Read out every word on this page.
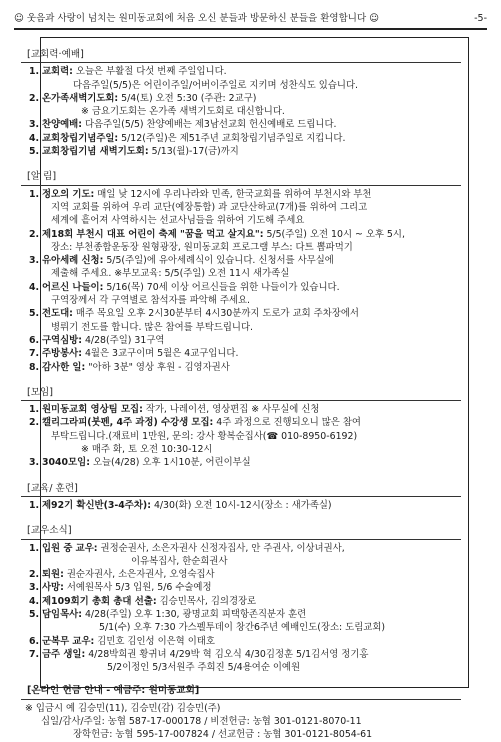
☺ 웃음과 사랑이 넘치는 원미동교회에 처음 오신 분들과 방문하신 분들을 환영합니다 ☺	-5-
[교회력·예배]
1. 교회력: 오늘은 부활절 다섯 번째 주일입니다.
다음주일(5/5)은 어린이주일/어버이주일로 지키며 성찬식도 있습니다.
2. 온가족새벽기도회: 5/4(토) 오전 5:30 (주관: 2교구)
※ 금요기도회는 온가족 새벽기도회로 대신합니다.
3. 찬양예배: 다음주일(5/5) 찬양예배는 제3남선교회 헌신예배로 드립니다.
4. 교회창립기념주일: 5/12(주일)은 제51주년 교회창립기념주일로 지킵니다.
5. 교회창립기념 새벽기도회: 5/13(월)-17(금)까지
[알 림]
1. 정오의 기도: 매일 낮 12시에 우리나라와 민족, 한국교회를 위하여 부천시와 부천
지역 교회를 위하여 우리 교단(예장통합) 과 교단산하교(7개)를 위하여 그리고
세계에 흩어져 사역하시는 선교사님들을 위하여 기도해 주세요
2. 제18회 부천시 대표 어린이 축제 "꿈을 먹고 살지요": 5/5(주일) 오전 10시 ~ 오후 5시,
장소: 부천종합운동장 원형광장, 원미동교회 프로그램 부스: 다트 뽑파먹기
3. 유아세례 신청: 5/5(주일)에 유아세례식이 있습니다. 신청서를 사무실에
제출해 주세요. ※부모교육: 5/5(주일) 오전 11시 새가족실
4. 어르신 나들이: 5/16(목) 70세 이상 어르신들을 위한 나들이가 있습니다.
구역장께서 각 구역별로 참석자를 파악해 주세요.
5. 전도대: 매주 목요일 오후 2시30분부터 4시30분까지 도로가 교회 주차장에서
병뤼기 전도를 합니다. 많은 참여를 부탁드립니다.
6. 구역심방: 4/28(주일) 31구역
7. 주방봉사: 4월은 3교구이며 5월은 4교구입니다.
8. 감사한 일: "아하 3분" 영상 후원 - 김영자권사
[모임]
1. 원미동교회 영상팀 모집: 작가, 나레이션, 영상편집 ※ 사무실에 신청
2. 캘리그라피(붓펜, 4주 과정) 수강생 모집: 4주 과정으로 진행되오니 많은 참여
부탁드립니다.(재료비 1만원, 문의: 강사 황복순집사(☎ 010-8950-6192)
※ 매주 화, 토 오전 10:30-12시
3. 3040모임: 오늘(4/28) 오후 1시10분, 어린이부실
[교육/ 훈련]
1. 제92기 확신반(3-4주차): 4/30(화) 오전 10시-12시(장소 : 새가족실)
[교우소식]
1. 입원 중 교우: 권정순권사, 소은자권사 신정자집사, 안 주권사, 이상녀권사,
이유복집사, 한순희권사
2. 퇴원: 권순자권사, 소은자권사, 오영숙집사
3. 사망: 서예원목사 5/3 입원, 5/6 수술예정
4. 제109회기 총회 총대 선출: 김승민목사, 김의경장로
5. 담임목사: 4/28(주일) 오후 1:30, 광명교회 피택항존직분자 훈련
5/1(수) 오후 7:30 가스펠투데이 창간6주년 예배인도(장소: 도림교회)
6. 군복무 교우: 김민호 김인성 이은혁 이태호
7. 금주 생일: 4/28박희권 황귀녀 4/29박 혁 김오식 4/30김정훈 5/1김서영 정기홍
5/2이정인 5/3서원주 주희진 5/4용여순 이예원
[온라인 헌금 안내 - 예금주: 원미동교회]
※ 입금시 예 김승민(11), 김승민(감) 김승민(주)
십일/감사/주일: 농협 587-17-000178 / 비전헌금: 농협 301-0121-8070-11
장학헌금: 농협 595-17-007824 / 선교헌금 : 농협 301-0121-8054-61
